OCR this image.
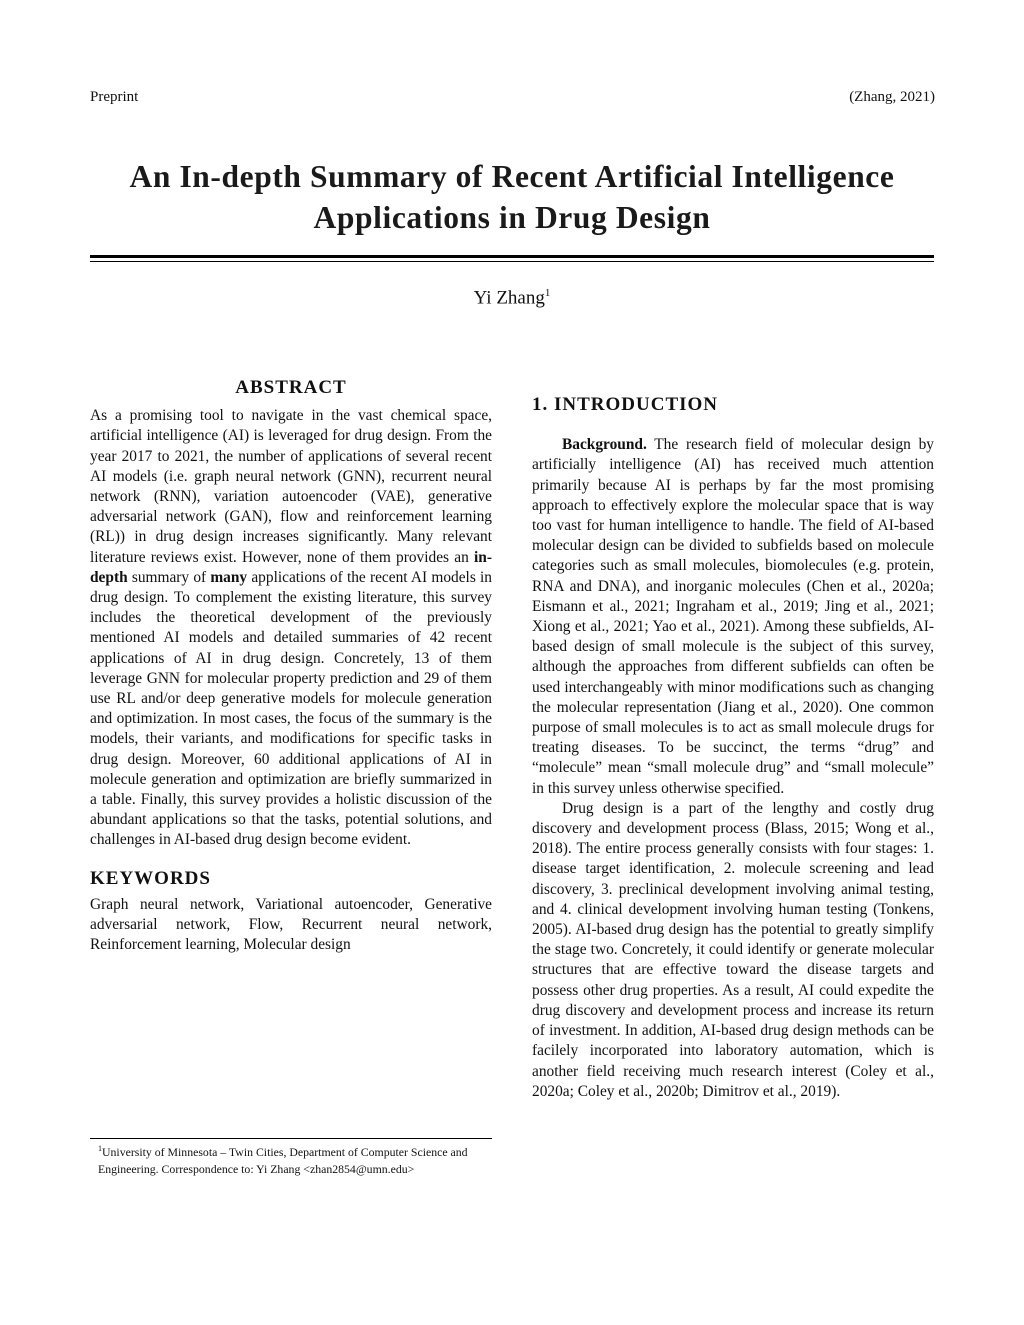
Preprint	(Zhang, 2021)
An In-depth Summary of Recent Artificial Intelligence
Applications in Drug Design
Yi Zhang$^1$
ABSTRACT

As a promising tool to navigate in the vast chemical space, artificial intelligence (AI) is leveraged for drug design. From the year 2017 to 2021, the number of applications of several recent AI models (i.e. graph neural network (GNN), recurrent neural network (RNN), variation autoencoder (VAE), generative adversarial network (GAN), flow and reinforcement learning (RL)) in drug design increases significantly. Many relevant literature reviews exist. However, none of them provides an in-depth summary of many applications of the recent AI models in drug design. To complement the existing literature, this survey includes the theoretical development of the previously mentioned AI models and detailed summaries of 42 recent applications of AI in drug design. Concretely, 13 of them leverage GNN for molecular property prediction and 29 of them use RL and/or deep generative models for molecule generation and optimization. In most cases, the focus of the summary is the models, their variants, and modifications for specific tasks in drug design. Moreover, 60 additional applications of AI in molecule generation and optimization are briefly summarized in a table. Finally, this survey provides a holistic discussion of the abundant applications so that the tasks, potential solutions, and challenges in AI-based drug design become evident.

KEYWORDS

Graph neural network, Variational autoencoder, Generative adversarial network, Flow, Recurrent neural network, Reinforcement learning, Molecular design

$^1$University of Minnesota – Twin Cities, Department of Computer Science and Engineering. Correspondence to: Yi Zhang <zhan2854@umn.edu>
1. INTRODUCTION

Background. The research field of molecular design by artificially intelligence (AI) has received much attention primarily because AI is perhaps by far the most promising approach to effectively explore the molecular space that is way too vast for human intelligence to handle. The field of AI-based molecular design can be divided to subfields based on molecule categories such as small molecules, biomolecules (e.g. protein, RNA and DNA), and inorganic molecules (Chen et al., 2020a; Eismann et al., 2021; Ingraham et al., 2019; Jing et al., 2021; Xiong et al., 2021; Yao et al., 2021). Among these subfields, AI-based design of small molecule is the subject of this survey, although the approaches from different subfields can often be used interchangeably with minor modifications such as changing the molecular representation (Jiang et al., 2020). One common purpose of small molecules is to act as small molecule drugs for treating diseases. To be succinct, the terms “drug” and “molecule” mean “small molecule drug” and “small molecule” in this survey unless otherwise specified.

Drug design is a part of the lengthy and costly drug discovery and development process (Blass, 2015; Wong et al., 2018). The entire process generally consists with four stages: 1. disease target identification, 2. molecule screening and lead discovery, 3. preclinical development involving animal testing, and 4. clinical development involving human testing (Tonkens, 2005). AI-based drug design has the potential to greatly simplify the stage two. Concretely, it could identify or generate molecular structures that are effective toward the disease targets and possess other drug properties. As a result, AI could expedite the drug discovery and development process and increase its return of investment. In addition, AI-based drug design methods can be facilely incorporated into laboratory automation, which is another field receiving much research interest (Coley et al., 2020a; Coley et al., 2020b; Dimitrov et al., 2019).
